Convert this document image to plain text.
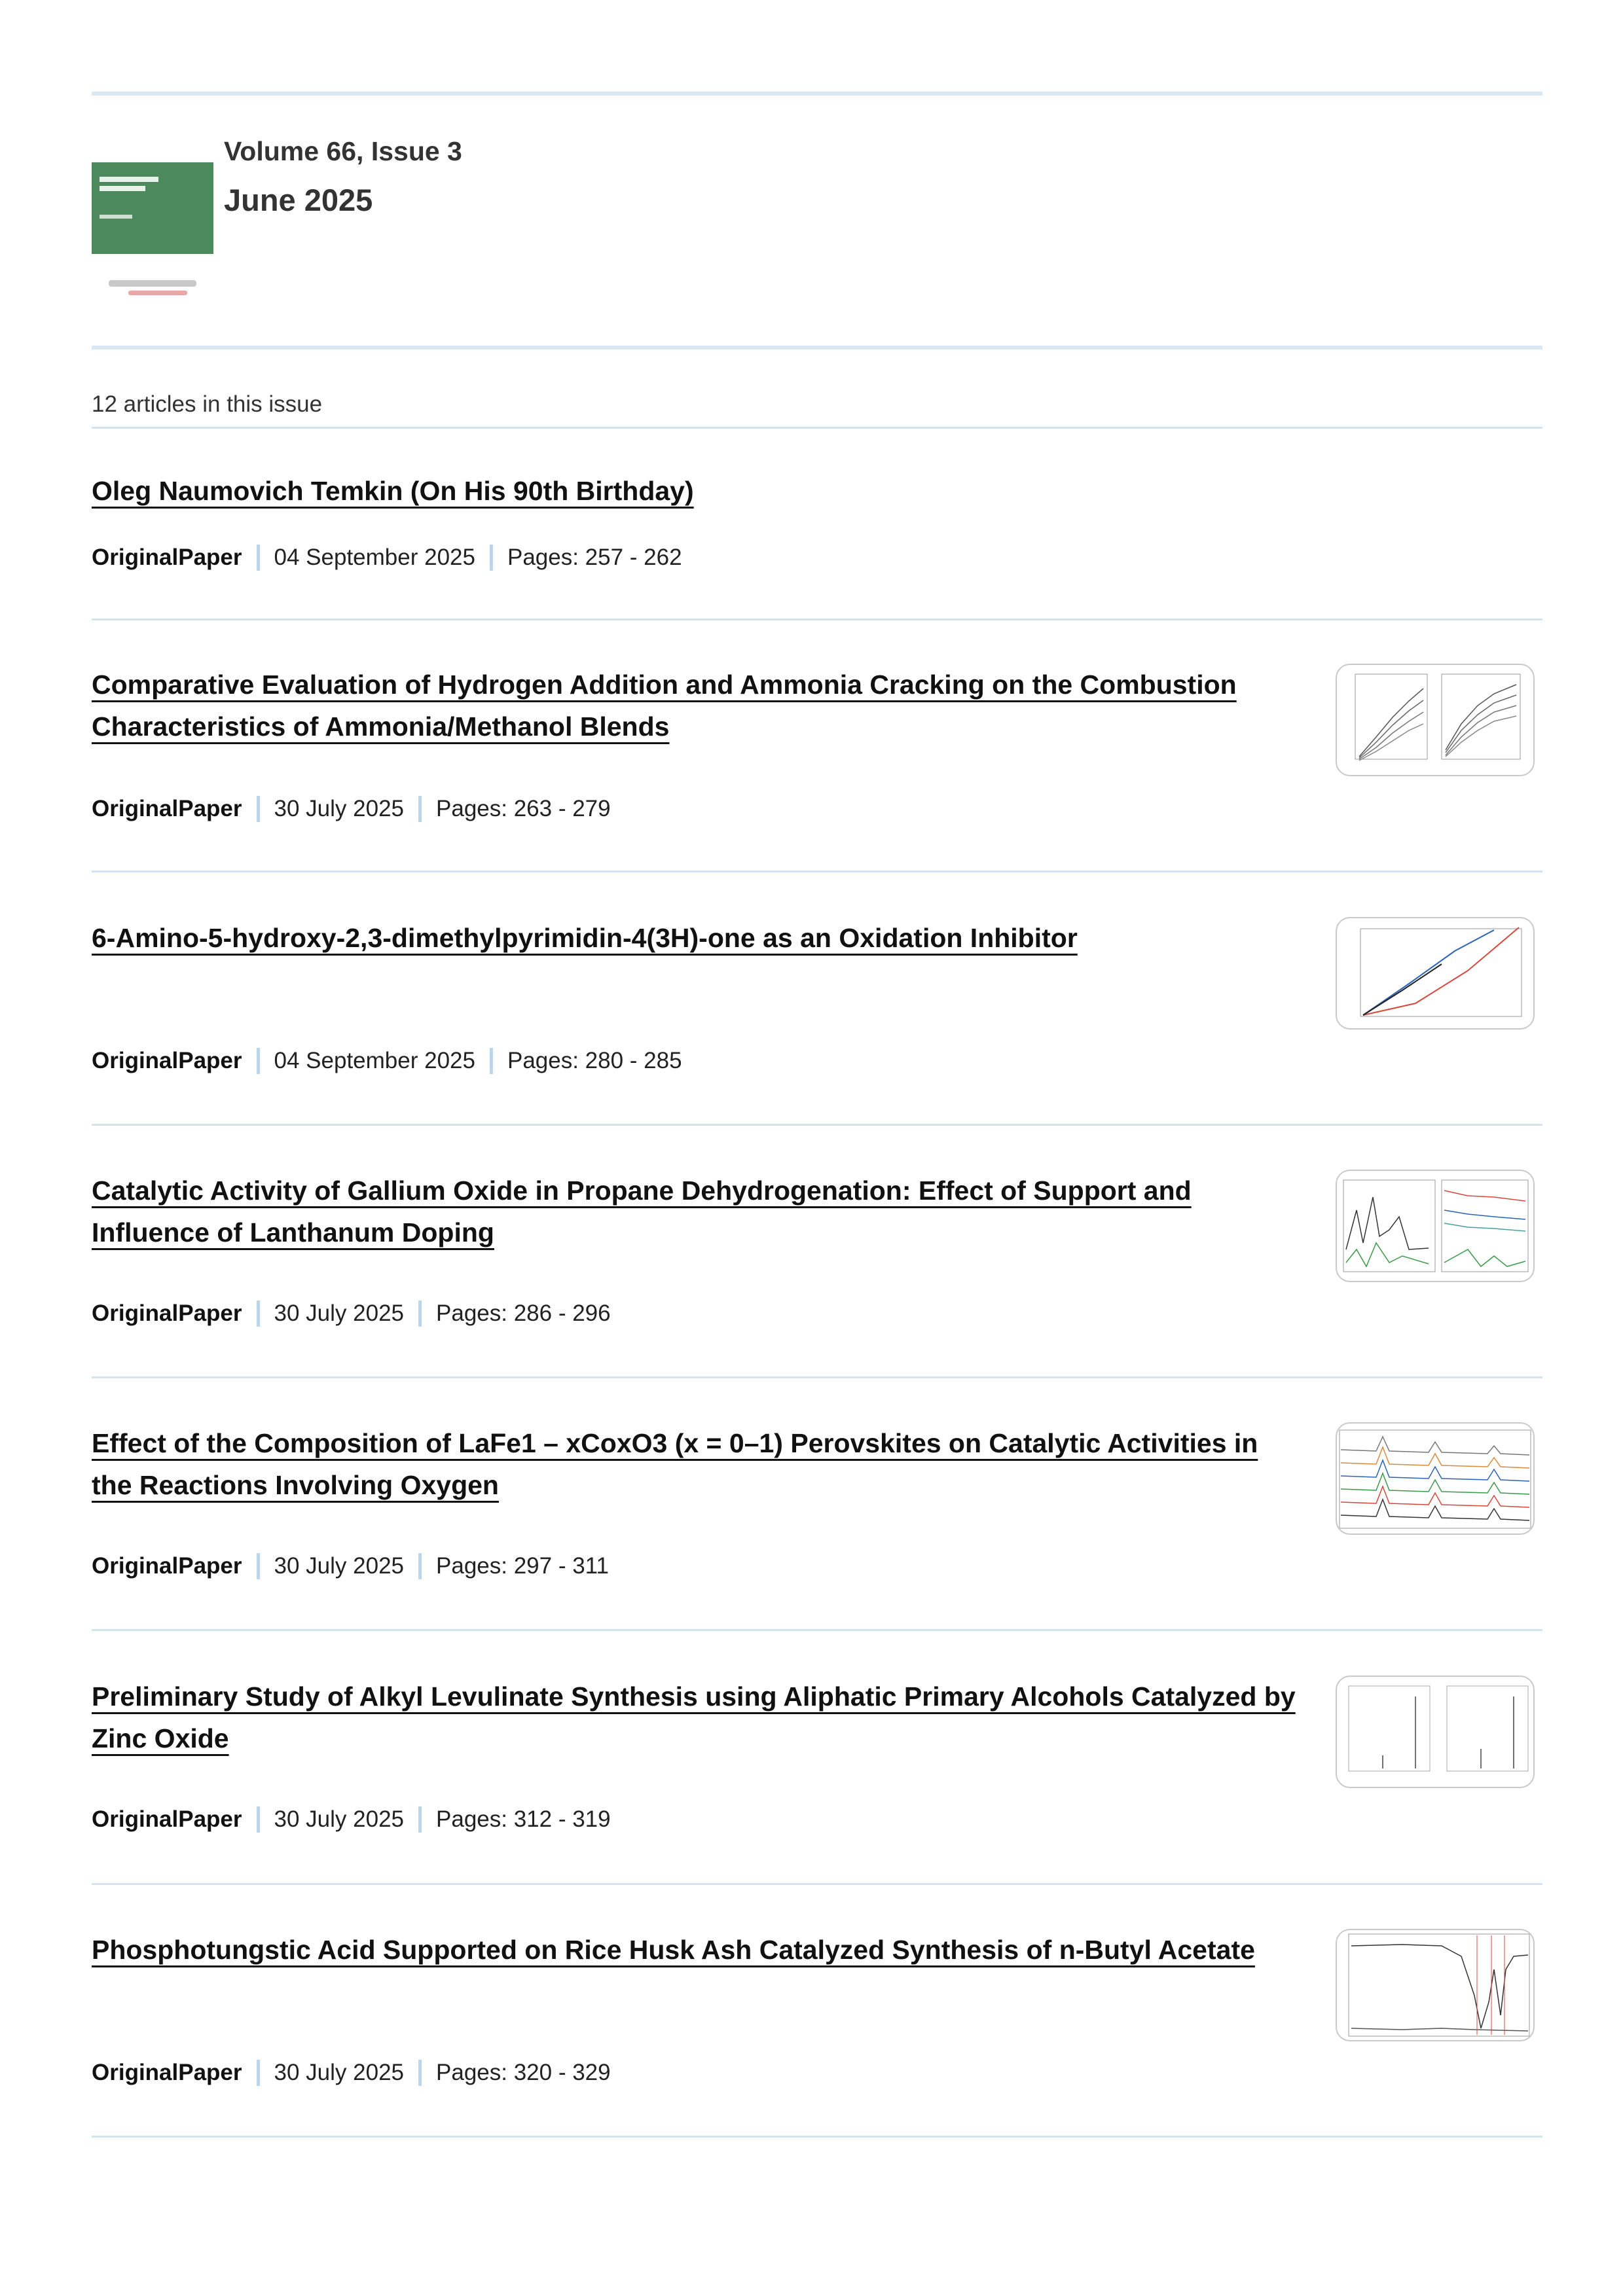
Volume 66, Issue 3
June 2025
12 articles in this issue
Oleg Naumovich Temkin (On His 90th Birthday)
OriginalPaper 04 September 2025 Pages: 257 - 262
Comparative Evaluation of Hydrogen Addition and Ammonia Cracking on the Combustion Characteristics of Ammonia/Methanol Blends
OriginalPaper 30 July 2025 Pages: 263 - 279
6-Amino-5-hydroxy-2,3-dimethylpyrimidin-4(3H)-one as an Oxidation Inhibitor
OriginalPaper 04 September 2025 Pages: 280 - 285
Catalytic Activity of Gallium Oxide in Propane Dehydrogenation: Effect of Support and Influence of Lanthanum Doping
OriginalPaper 30 July 2025 Pages: 286 - 296
Effect of the Composition of LaFe1 – xCoxO3 (x = 0–1) Perovskites on Catalytic Activities in the Reactions Involving Oxygen
OriginalPaper 30 July 2025 Pages: 297 - 311
Preliminary Study of Alkyl Levulinate Synthesis using Aliphatic Primary Alcohols Catalyzed by Zinc Oxide
OriginalPaper 30 July 2025 Pages: 312 - 319
Phosphotungstic Acid Supported on Rice Husk Ash Catalyzed Synthesis of n-Butyl Acetate
OriginalPaper 30 July 2025 Pages: 320 - 329
